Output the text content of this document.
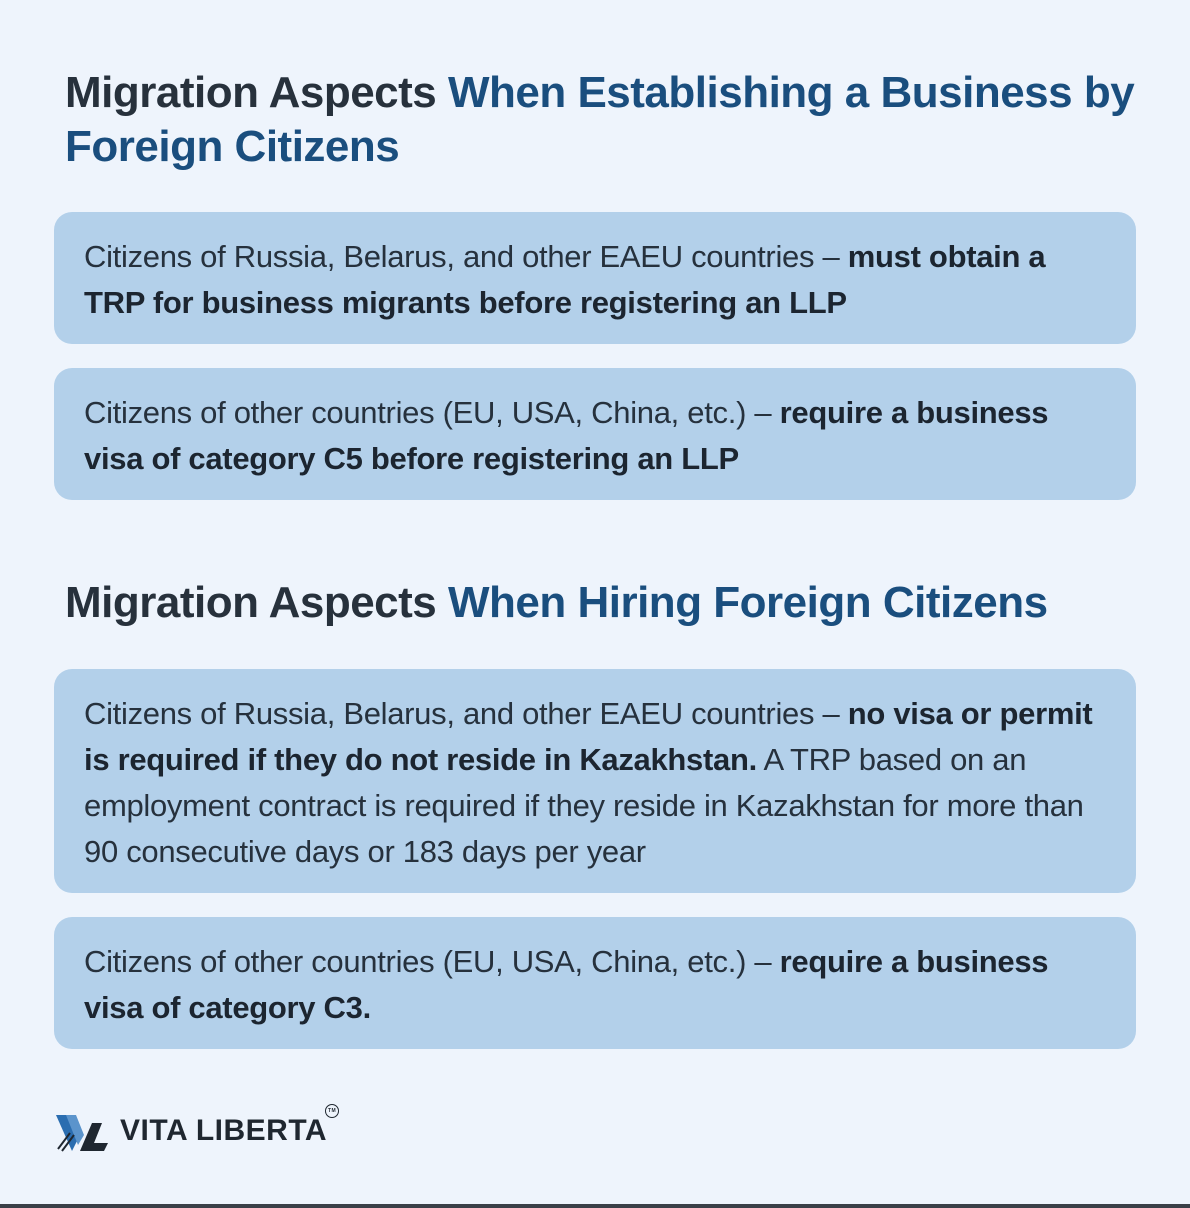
Migration Aspects When Establishing a Business by Foreign Citizens
Citizens of Russia, Belarus, and other EAEU countries – must obtain a TRP for business migrants before registering an LLP
Citizens of other countries (EU, USA, China, etc.) – require a business visa of category C5 before registering an LLP
Migration Aspects When Hiring Foreign Citizens
Citizens of Russia, Belarus, and other EAEU countries – no visa or permit is required if they do not reside in Kazakhstan. A TRP based on an employment contract is required if they reside in Kazakhstan for more than 90 consecutive days or 183 days per year
Citizens of other countries (EU, USA, China, etc.) – require a business visa of category C3.
VITA LIBERTA
TM
